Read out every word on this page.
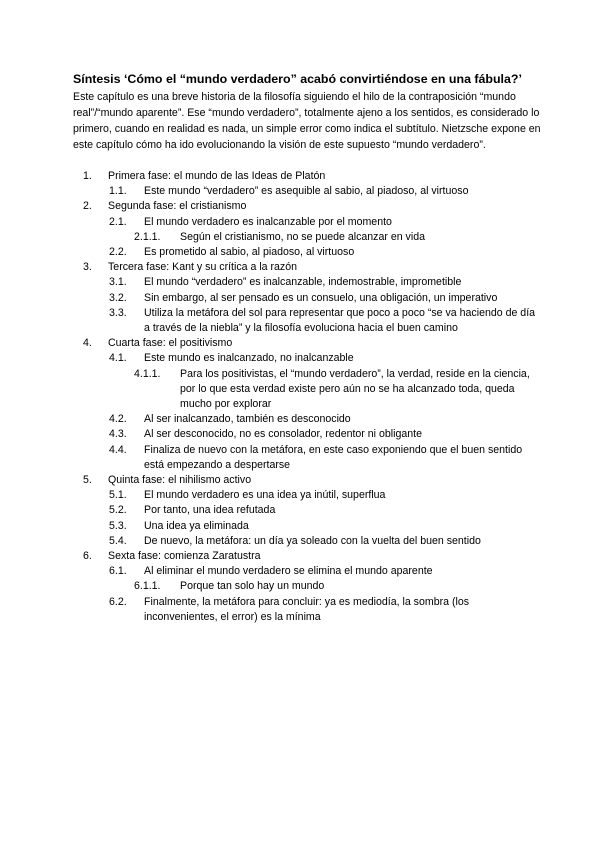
Síntesis ‘Cómo el “mundo verdadero” acabó convirtiéndose en una fábula?’

Este capítulo es una breve historia de la filosofía siguiendo el hilo de la contraposición “mundo real”/“mundo aparente”. Ese “mundo verdadero”, totalmente ajeno a los sentidos, es considerado lo primero, cuando en realidad es nada, un simple error como indica el subtítulo. Nietzsche expone en este capítulo cómo ha ido evolucionando la visión de este supuesto “mundo verdadero”.

1. Primera fase: el mundo de las Ideas de Platón
1.1. Este mundo “verdadero” es asequible al sabio, al piadoso, al virtuoso
2. Segunda fase: el cristianismo
2.1. El mundo verdadero es inalcanzable por el momento
2.1.1. Según el cristianismo, no se puede alcanzar en vida
2.2. Es prometido al sabio, al piadoso, al virtuoso
3. Tercera fase: Kant y su crítica a la razón
3.1. El mundo “verdadero” es inalcanzable, indemostrable, imprometible
3.2. Sin embargo, al ser pensado es un consuelo, una obligación, un imperativo
3.3. Utiliza la metáfora del sol para representar que poco a poco “se va haciendo de día a través de la niebla” y la filosofía evoluciona hacia el buen camino
4. Cuarta fase: el positivismo
4.1. Este mundo es inalcanzado, no inalcanzable
4.1.1. Para los positivistas, el “mundo verdadero”, la verdad, reside en la ciencia, por lo que esta verdad existe pero aún no se ha alcanzado toda, queda mucho por explorar
4.2. Al ser inalcanzado, también es desconocido
4.3. Al ser desconocido, no es consolador, redentor ni obligante
4.4. Finaliza de nuevo con la metáfora, en este caso exponiendo que el buen sentido está empezando a despertarse
5. Quinta fase: el nihilismo activo
5.1. El mundo verdadero es una idea ya inútil, superflua
5.2. Por tanto, una idea refutada
5.3. Una idea ya eliminada
5.4. De nuevo, la metáfora: un día ya soleado con la vuelta del buen sentido
6. Sexta fase: comienza Zaratustra
6.1. Al eliminar el mundo verdadero se elimina el mundo aparente
6.1.1. Porque tan solo hay un mundo
6.2. Finalmente, la metáfora para concluir: ya es mediodía, la sombra (los inconvenientes, el error) es la mínima
